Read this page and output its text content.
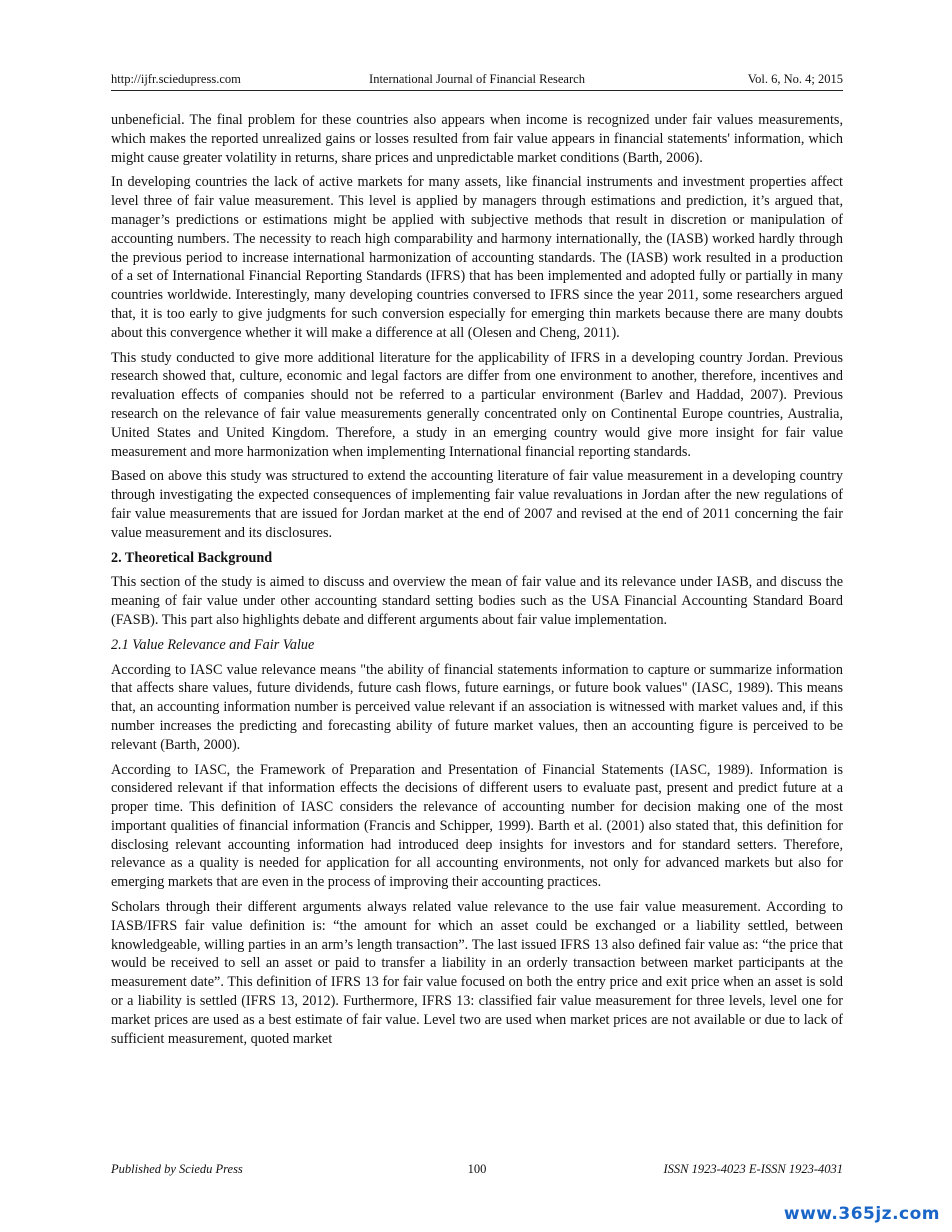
http://ijfr.sciedupress.com	International Journal of Financial Research	Vol. 6, No. 4; 2015

unbeneficial. The final problem for these countries also appears when income is recognized under fair values measurements, which makes the reported unrealized gains or losses resulted from fair value appears in financial statements' information, which might cause greater volatility in returns, share prices and unpredictable market conditions (Barth, 2006).

In developing countries the lack of active markets for many assets, like financial instruments and investment properties affect level three of fair value measurement. This level is applied by managers through estimations and prediction, it’s argued that, manager’s predictions or estimations might be applied with subjective methods that result in discretion or manipulation of accounting numbers. The necessity to reach high comparability and harmony internationally, the (IASB) worked hardly through the previous period to increase international harmonization of accounting standards. The (IASB) work resulted in a production of a set of International Financial Reporting Standards (IFRS) that has been implemented and adopted fully or partially in many countries worldwide. Interestingly, many developing countries conversed to IFRS since the year 2011, some researchers argued that, it is too early to give judgments for such conversion especially for emerging thin markets because there are many doubts about this convergence whether it will make a difference at all (Olesen and Cheng, 2011).

This study conducted to give more additional literature for the applicability of IFRS in a developing country Jordan. Previous research showed that, culture, economic and legal factors are differ from one environment to another, therefore, incentives and revaluation effects of companies should not be referred to a particular environment (Barlev and Haddad, 2007). Previous research on the relevance of fair value measurements generally concentrated only on Continental Europe countries, Australia, United States and United Kingdom. Therefore, a study in an emerging country would give more insight for fair value measurement and more harmonization when implementing International financial reporting standards.

Based on above this study was structured to extend the accounting literature of fair value measurement in a developing country through investigating the expected consequences of implementing fair value revaluations in Jordan after the new regulations of fair value measurements that are issued for Jordan market at the end of 2007 and revised at the end of 2011 concerning the fair value measurement and its disclosures.

2. Theoretical Background

This section of the study is aimed to discuss and overview the mean of fair value and its relevance under IASB, and discuss the meaning of fair value under other accounting standard setting bodies such as the USA Financial Accounting Standard Board (FASB). This part also highlights debate and different arguments about fair value implementation.

2.1 Value Relevance and Fair Value

According to IASC value relevance means "the ability of financial statements information to capture or summarize information that affects share values, future dividends, future cash flows, future earnings, or future book values" (IASC, 1989). This means that, an accounting information number is perceived value relevant if an association is witnessed with market values and, if this number increases the predicting and forecasting ability of future market values, then an accounting figure is perceived to be relevant (Barth, 2000).

According to IASC, the Framework of Preparation and Presentation of Financial Statements (IASC, 1989). Information is considered relevant if that information effects the decisions of different users to evaluate past, present and predict future at a proper time. This definition of IASC considers the relevance of accounting number for decision making one of the most important qualities of financial information (Francis and Schipper, 1999). Barth et al. (2001) also stated that, this definition for disclosing relevant accounting information had introduced deep insights for investors and for standard setters. Therefore, relevance as a quality is needed for application for all accounting environments, not only for advanced markets but also for emerging markets that are even in the process of improving their accounting practices.

Scholars through their different arguments always related value relevance to the use fair value measurement. According to IASB/IFRS fair value definition is: “the amount for which an asset could be exchanged or a liability settled, between knowledgeable, willing parties in an arm’s length transaction”. The last issued IFRS 13 also defined fair value as: “the price that would be received to sell an asset or paid to transfer a liability in an orderly transaction between market participants at the measurement date”. This definition of IFRS 13 for fair value focused on both the entry price and exit price when an asset is sold or a liability is settled (IFRS 13, 2012). Furthermore, IFRS 13: classified fair value measurement for three levels, level one for market prices are used as a best estimate of fair value. Level two are used when market prices are not available or due to lack of sufficient measurement, quoted market

Published by Sciedu Press	100	ISSN 1923-4023 E-ISSN 1923-4031
www.365jz.com
